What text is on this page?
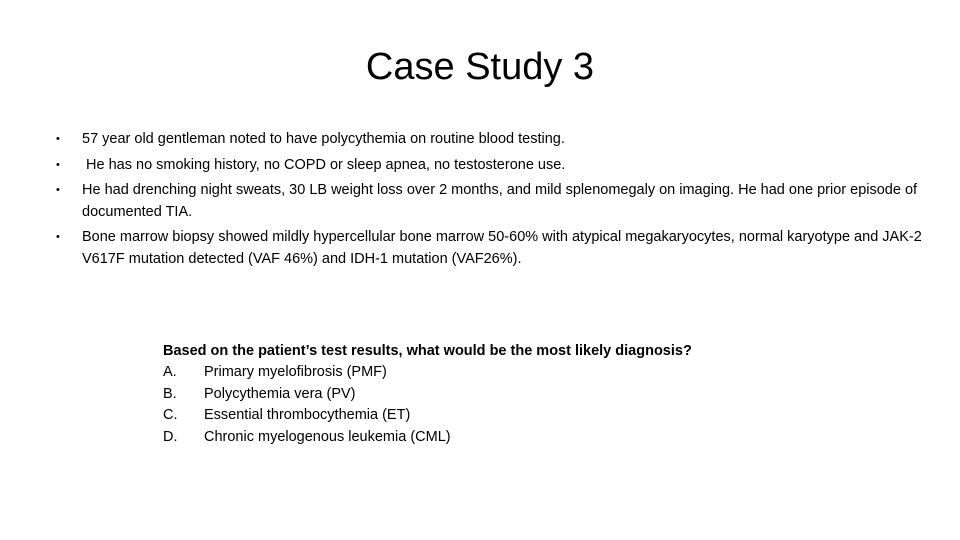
Case Study 3
• 57 year old gentleman noted to have polycythemia on routine blood testing.
• He has no smoking history, no COPD or sleep apnea, no testosterone use.
• He had drenching night sweats, 30 LB weight loss over 2 months, and mild splenomegaly on imaging. He had one prior episode of documented TIA.
• Bone marrow biopsy showed mildly hypercellular bone marrow 50-60% with atypical megakaryocytes, normal karyotype and JAK-2 V617F mutation detected (VAF 46%) and IDH-1 mutation (VAF26%).

Based on the patient’s test results, what would be the most likely diagnosis?

A.	Primary myelofibrosis (PMF)
B.	Polycythemia vera (PV)
C.	Essential thrombocythemia (ET)
D.	Chronic myelogenous leukemia (CML)
